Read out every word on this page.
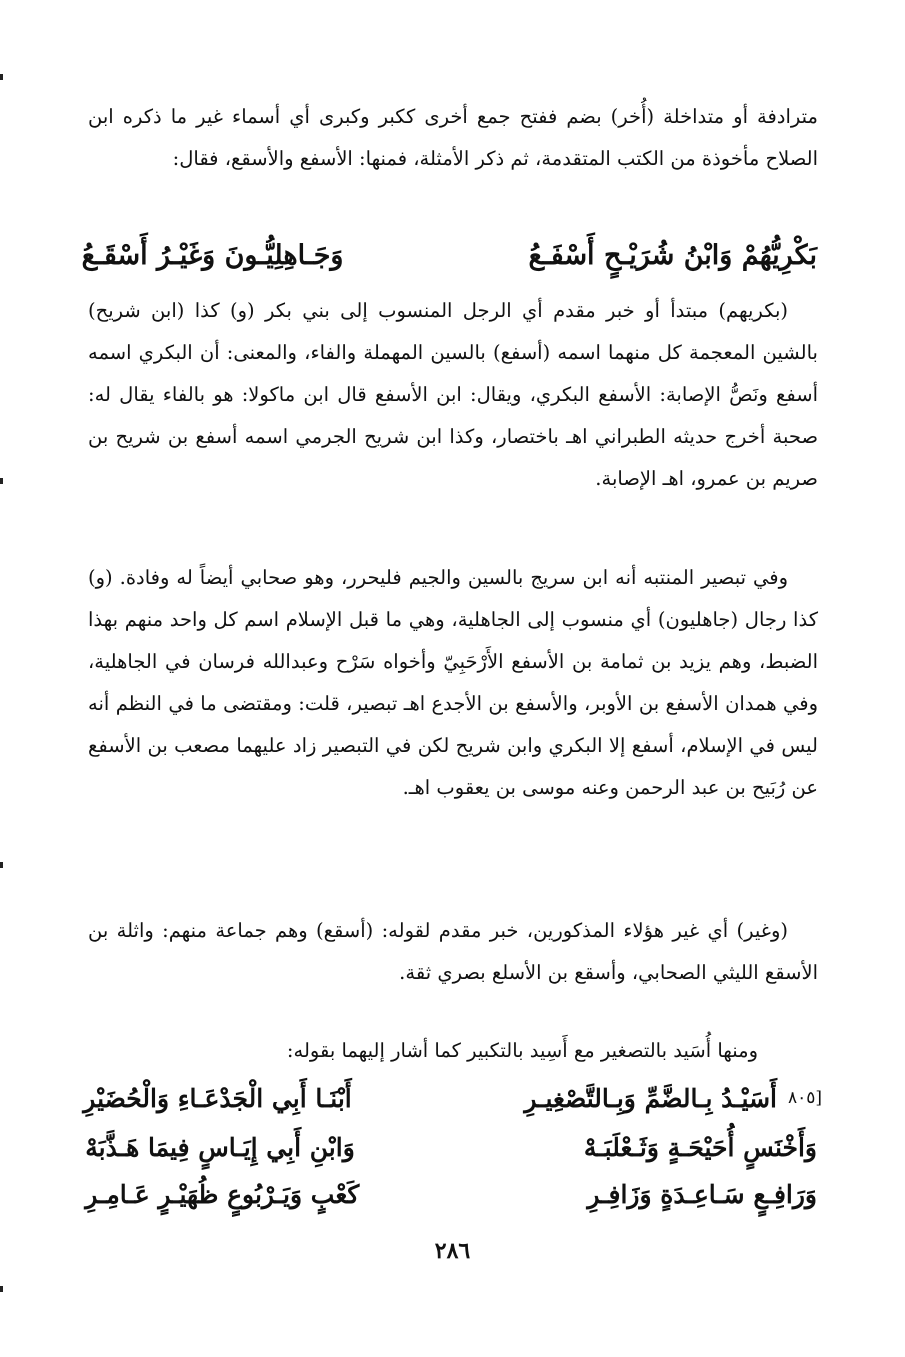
مترادفة أو متداخلة (أُخر) بضم ففتح جمع أخرى ككبر وكبرى أي أسماء غير ما ذكره ابن الصلاح مأخوذة من الكتب المتقدمة، ثم ذكر الأمثلة، فمنها: الأسفع والأسقع، فقال:

بَكْرِيُّهُمْ وَابْنُ شُرَيْـحٍ أَسْفَـعُ وَجَـاهِلِيُّـونَ وَغَيْـرُ أَسْقَـعُ

(بكريهم) مبتدأ أو خبر مقدم أي الرجل المنسوب إلى بني بكر (و) كذا (ابن شريح) بالشين المعجمة كل منهما اسمه (أسفع) بالسين المهملة والفاء، والمعنى: أن البكري اسمه أسفع ونَصُّ الإصابة: الأسفع البكري، ويقال: ابن الأسفع قال ابن ماكولا: هو بالفاء يقال له: صحبة أخرج حديثه الطبراني اهـ باختصار، وكذا ابن شريح الجرمي اسمه أسفع بن شريح بن صريم بن عمرو، اهـ الإصابة.

وفي تبصير المنتبه أنه ابن سريج بالسين والجيم فليحرر، وهو صحابي أيضاً له وفادة. (و) كذا رجال (جاهليون) أي منسوب إلى الجاهلية، وهي ما قبل الإسلام اسم كل واحد منهم بهذا الضبط، وهم يزيد بن ثمامة بن الأسفع الأَرْحَبِيّ وأخواه سَرْح وعبدالله فرسان في الجاهلية، وفي همدان الأسفع بن الأوبر، والأسفع بن الأجدع اهـ تبصير، قلت: ومقتضى ما في النظم أنه ليس في الإسلام، أسفع إلا البكري وابن شريح لكن في التبصير زاد عليهما مصعب بن الأسفع عن رُبَيح بن عبد الرحمن وعنه موسى بن يعقوب اهـ.

(وغير) أي غير هؤلاء المذكورين، خبر مقدم لقوله: (أسقع) وهم جماعة منهم: واثلة بن الأسقع الليثي الصحابي، وأسقع بن الأسلع بصري ثقة.

ومنها أُسَيد بالتصغير مع أَسِيد بالتكبير كما أشار إليهما بقوله:

[٨٠٥
أَسَيْـدُ بِـالضَّمِّ وَبِـالتَّصْغِيـرِ أَبْنَـا أَبِي الْجَدْعَـاءِ وَالْحُضَيْرِ
وَأَخْنَسٍ أُحَيْحَـةٍ وَثَـعْلَبَـهْ وَابْنِ أَبِي إِيَـاسٍ فِيمَا هَـذَّبَهْ
وَرَافِـعٍ سَـاعِـدَةٍ وَزَافِـرِ كَعْبٍ وَيَـرْبُوعٍ ظُهَيْـرٍ عَـامِـرِ
٢٨٦
